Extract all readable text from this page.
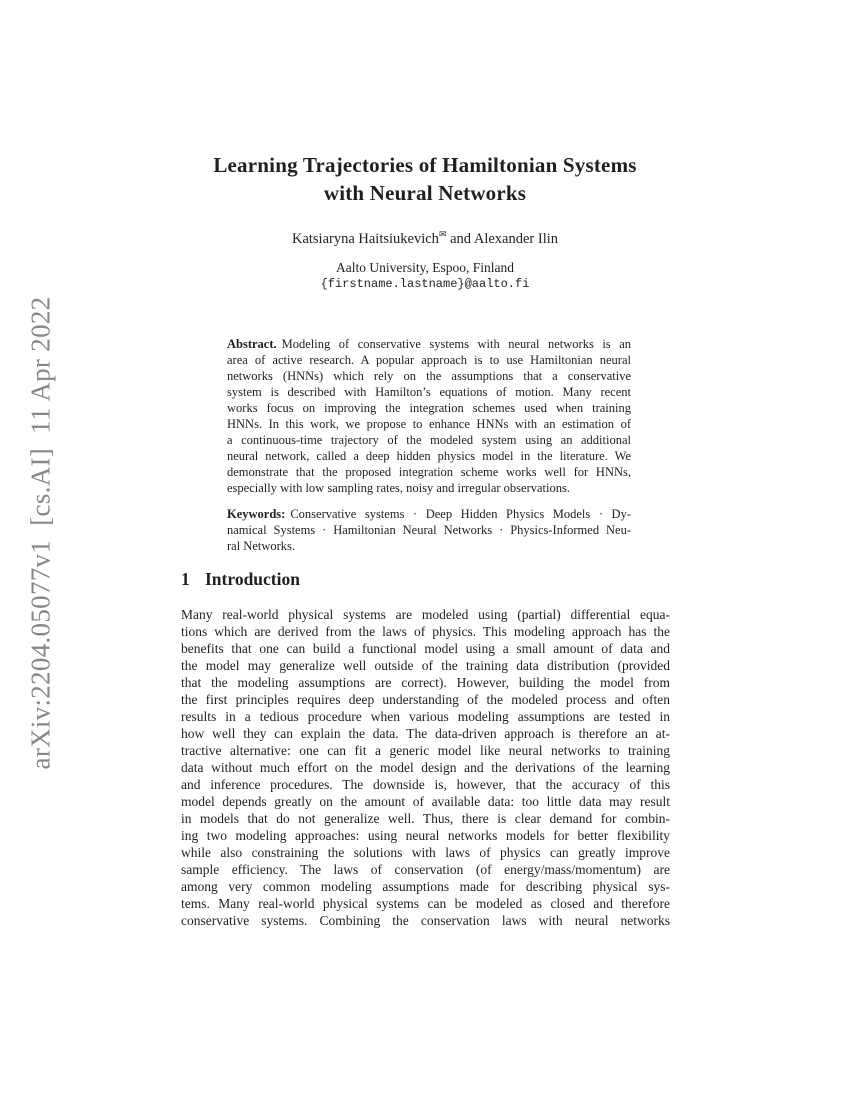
arXiv:2204.05077v1  [cs.AI]  11 Apr 2022
Learning Trajectories of Hamiltonian Systems
with Neural Networks
Katsiaryna Haitsiukevich✉ and Alexander Ilin
Aalto University, Espoo, Finland
{firstname.lastname}@aalto.fi
Abstract. Modeling of conservative systems with neural networks is an
area of active research. A popular approach is to use Hamiltonian neural
networks (HNNs) which rely on the assumptions that a conservative
system is described with Hamilton’s equations of motion. Many recent
works focus on improving the integration schemes used when training
HNNs. In this work, we propose to enhance HNNs with an estimation of
a continuous-time trajectory of the modeled system using an additional
neural network, called a deep hidden physics model in the literature. We
demonstrate that the proposed integration scheme works well for HNNs,
especially with low sampling rates, noisy and irregular observations.
Keywords: Conservative systems · Deep Hidden Physics Models · Dy-
namical Systems · Hamiltonian Neural Networks · Physics-Informed Neu-
ral Networks.
1 Introduction
Many real-world physical systems are modeled using (partial) differential equa-
tions which are derived from the laws of physics. This modeling approach has the
benefits that one can build a functional model using a small amount of data and
the model may generalize well outside of the training data distribution (provided
that the modeling assumptions are correct). However, building the model from
the first principles requires deep understanding of the modeled process and often
results in a tedious procedure when various modeling assumptions are tested in
how well they can explain the data. The data-driven approach is therefore an at-
tractive alternative: one can fit a generic model like neural networks to training
data without much effort on the model design and the derivations of the learning
and inference procedures. The downside is, however, that the accuracy of this
model depends greatly on the amount of available data: too little data may result
in models that do not generalize well. Thus, there is clear demand for combin-
ing two modeling approaches: using neural networks models for better flexibility
while also constraining the solutions with laws of physics can greatly improve
sample efficiency. The laws of conservation (of energy/mass/momentum) are
among very common modeling assumptions made for describing physical sys-
tems. Many real-world physical systems can be modeled as closed and therefore
conservative systems. Combining the conservation laws with neural networks
